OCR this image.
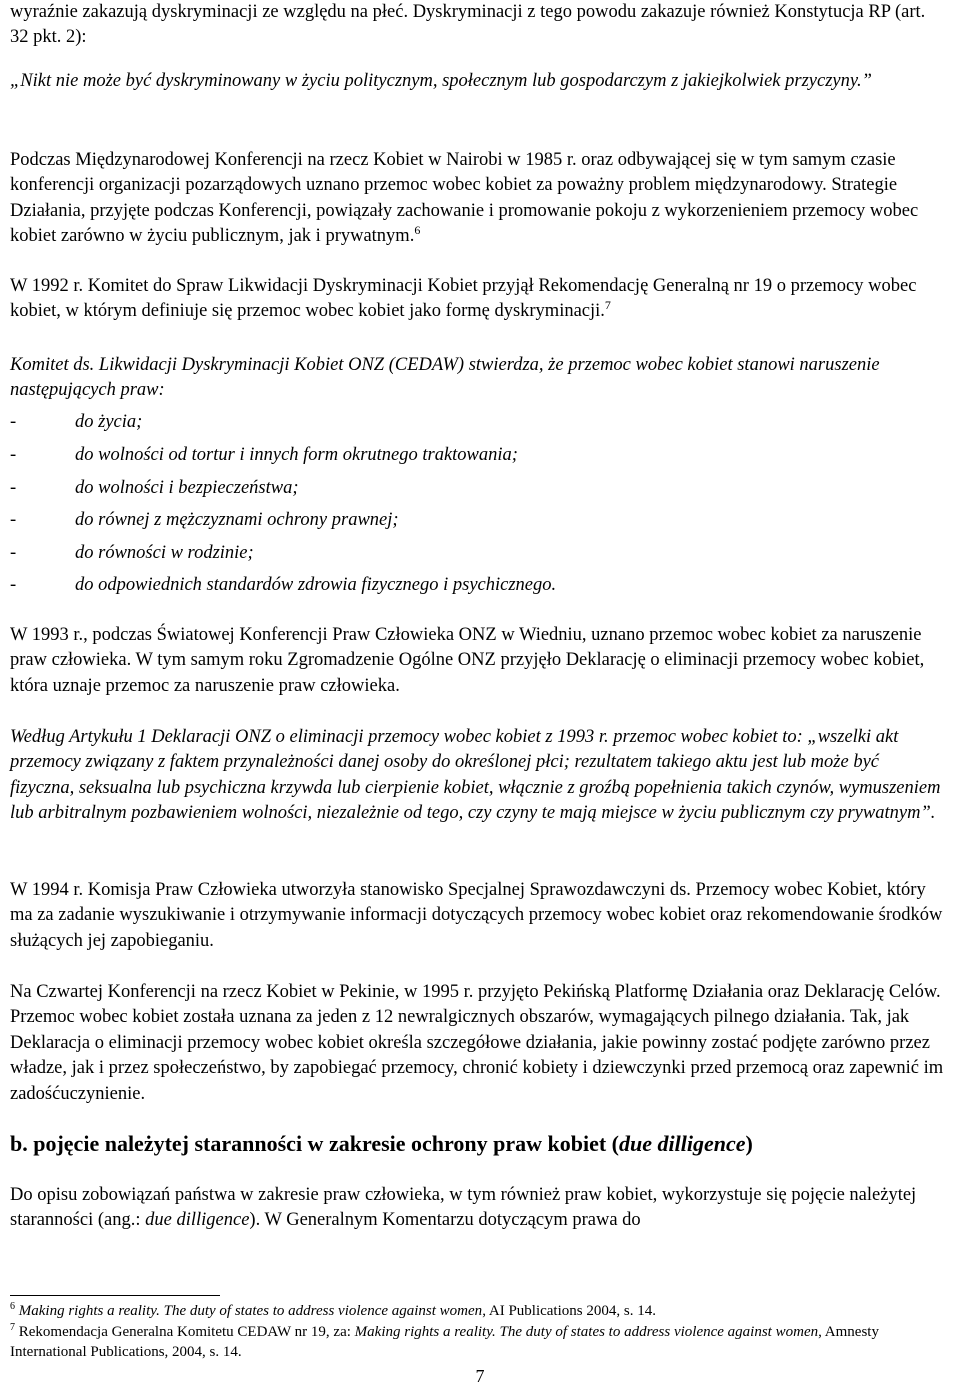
wyraźnie zakazują dyskryminacji ze względu na płeć. Dyskryminacji z tego powodu zakazuje również Konstytucja RP (art. 32 pkt. 2):

„Nikt nie może być dyskryminowany w życiu politycznym, społecznym lub gospodarczym z jakiejkolwiek przyczyny.”

Podczas Międzynarodowej Konferencji na rzecz Kobiet w Nairobi w 1985 r. oraz odbywającej się w tym samym czasie konferencji organizacji pozarządowych uznano przemoc wobec kobiet za poważny problem międzynarodowy. Strategie Działania, przyjęte podczas Konferencji, powiązały zachowanie i promowanie pokoju z wykorzenieniem przemocy wobec kobiet zarówno w życiu publicznym, jak i prywatnym.$^6$

W 1992 r. Komitet do Spraw Likwidacji Dyskryminacji Kobiet przyjął Rekomendację Generalną nr 19 o przemocy wobec kobiet, w którym definiuje się przemoc wobec kobiet jako formę dyskryminacji.$^7$

Komitet ds. Likwidacji Dyskryminacji Kobiet ONZ (CEDAW) stwierdza, że przemoc wobec kobiet stanowi naruszenie następujących praw:

-	do życia;
-	do wolności od tortur i innych form okrutnego traktowania;
-	do wolności i bezpieczeństwa;
-	do równej z mężczyznami ochrony prawnej;
-	do równości w rodzinie;
-	do odpowiednich standardów zdrowia fizycznego i psychicznego.

W 1993 r., podczas Światowej Konferencji Praw Człowieka ONZ w Wiedniu, uznano przemoc wobec kobiet za naruszenie praw człowieka. W tym samym roku Zgromadzenie Ogólne ONZ przyjęło Deklarację o eliminacji przemocy wobec kobiet, która uznaje przemoc za naruszenie praw człowieka.

Według Artykułu 1 Deklaracji ONZ o eliminacji przemocy wobec kobiet z 1993 r. przemoc wobec kobiet to: „wszelki akt przemocy związany z faktem przynależności danej osoby do określonej płci; rezultatem takiego aktu jest lub może być fizyczna, seksualna lub psychiczna krzywda lub cierpienie kobiet, włącznie z groźbą popełnienia takich czynów, wymuszeniem lub arbitralnym pozbawieniem wolności, niezależnie od tego, czy czyny te mają miejsce w życiu publicznym czy prywatnym”.

W 1994 r. Komisja Praw Człowieka utworzyła stanowisko Specjalnej Sprawozdawczyni ds. Przemocy wobec Kobiet, który ma za zadanie wyszukiwanie i otrzymywanie informacji dotyczących przemocy wobec kobiet oraz rekomendowanie środków służących jej zapobieganiu.

Na Czwartej Konferencji na rzecz Kobiet w Pekinie, w 1995 r. przyjęto Pekińską Platformę Działania oraz Deklarację Celów. Przemoc wobec kobiet została uznana za jeden z 12 newralgicznych obszarów, wymagających pilnego działania. Tak, jak Deklaracja o eliminacji przemocy wobec kobiet określa szczegółowe działania, jakie powinny zostać podjęte zarówno przez władze, jak i przez społeczeństwo, by zapobiegać przemocy, chronić kobiety i dziewczynki przed przemocą oraz zapewnić im zadośćuczynienie.

b. pojęcie należytej staranności w zakresie ochrony praw kobiet (due dilligence)

Do opisu zobowiązań państwa w zakresie praw człowieka, w tym również praw kobiet, wykorzystuje się pojęcie należytej staranności (ang.: due dilligence). W Generalnym Komentarzu dotyczącym prawa do

$^6$ Making rights a reality. The duty of states to address violence against women, AI Publications 2004, s. 14.

$^7$ Rekomendacja Generalna Komitetu CEDAW nr 19, za: Making rights a reality. The duty of states to address violence against women, Amnesty International Publications, 2004, s. 14.

7
